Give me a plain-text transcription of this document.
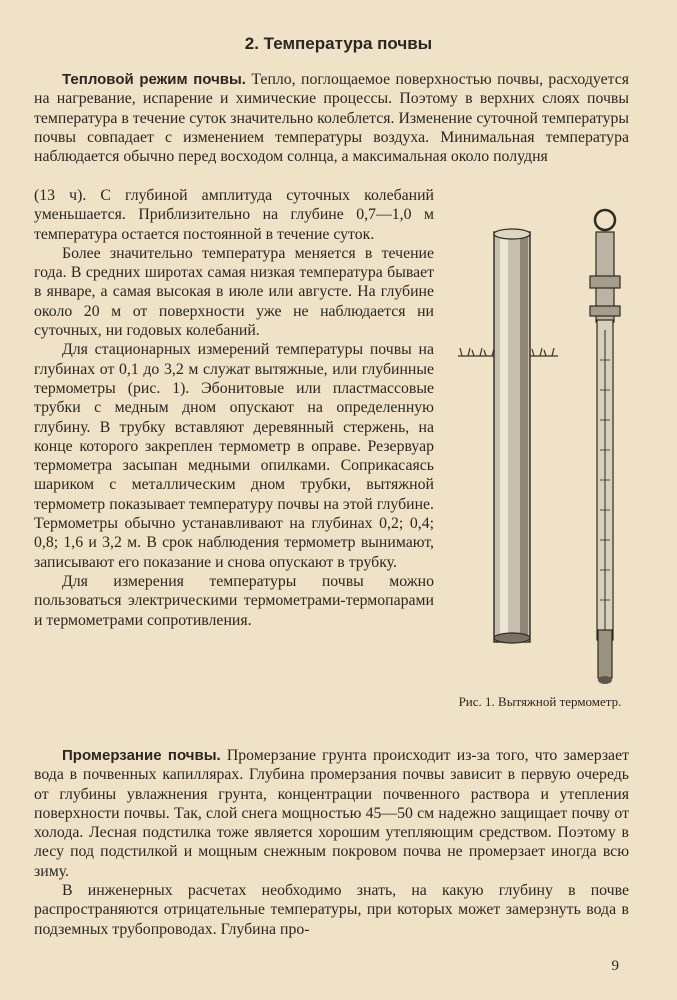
2. Температура почвы

Тепловой режим почвы. Тепло, поглощаемое поверхностью почвы, расходуется на нагревание, испарение и химические процессы. Поэтому в верхних слоях почвы температура в течение суток значительно колеблется. Изменение суточной температуры почвы совпадает с изменением температуры воздуха. Минимальная температура наблюдается обычно перед восходом солнца, а максимальная около полудня

(13 ч). С глубиной амплитуда суточных колебаний уменьшается. Приблизительно на глубине 0,7—1,0 м температура остается постоянной в течение суток.

Более значительно температура меняется в течение года. В средних широтах самая низкая температура бывает в январе, а самая высокая в июле или августе. На глубине около 20 м от поверхности уже не наблюдается ни суточных, ни годовых колебаний.

Для стационарных измерений температуры почвы на глубинах от 0,1 до 3,2 м служат вытяжные, или глубинные термометры (рис. 1). Эбонитовые или пластмассовые трубки с медным дном опускают на определенную глубину. В трубку вставляют деревянный стержень, на конце которого закреплен термометр в оправе. Резервуар термометра засыпан медными опилками. Соприкасаясь шариком с металлическим дном трубки, вытяжной термометр показывает температуру почвы на этой глубине. Термометры обычно устанавливают на глубинах 0,2; 0,4; 0,8; 1,6 и 3,2 м. В срок наблюдения термометр вынимают, записывают его показание и снова опускают в трубку.

Для измерения температуры почвы можно пользоваться электрическими термометрами-термопарами и термометрами сопротивления.

Промерзание почвы. Промерзание грунта происходит из-за того, что замерзает вода в почвенных капиллярах. Глубина промерзания почвы зависит в первую очередь от глубины увлажнения грунта, концентрации почвенного раствора и утепления поверхности почвы. Так, слой снега мощностью 45—50 см надежно защищает почву от холода. Лесная подстилка тоже является хорошим утепляющим средством. Поэтому в лесу под подстилкой и мощным снежным покровом почва не промерзает иногда всю зиму.

В инженерных расчетах необходимо знать, на какую глубину в почве распространяются отрицательные температуры, при которых может замерзнуть вода в подземных трубопроводах. Глубина про-

Рис. 1. Вытяжной термометр.
9
